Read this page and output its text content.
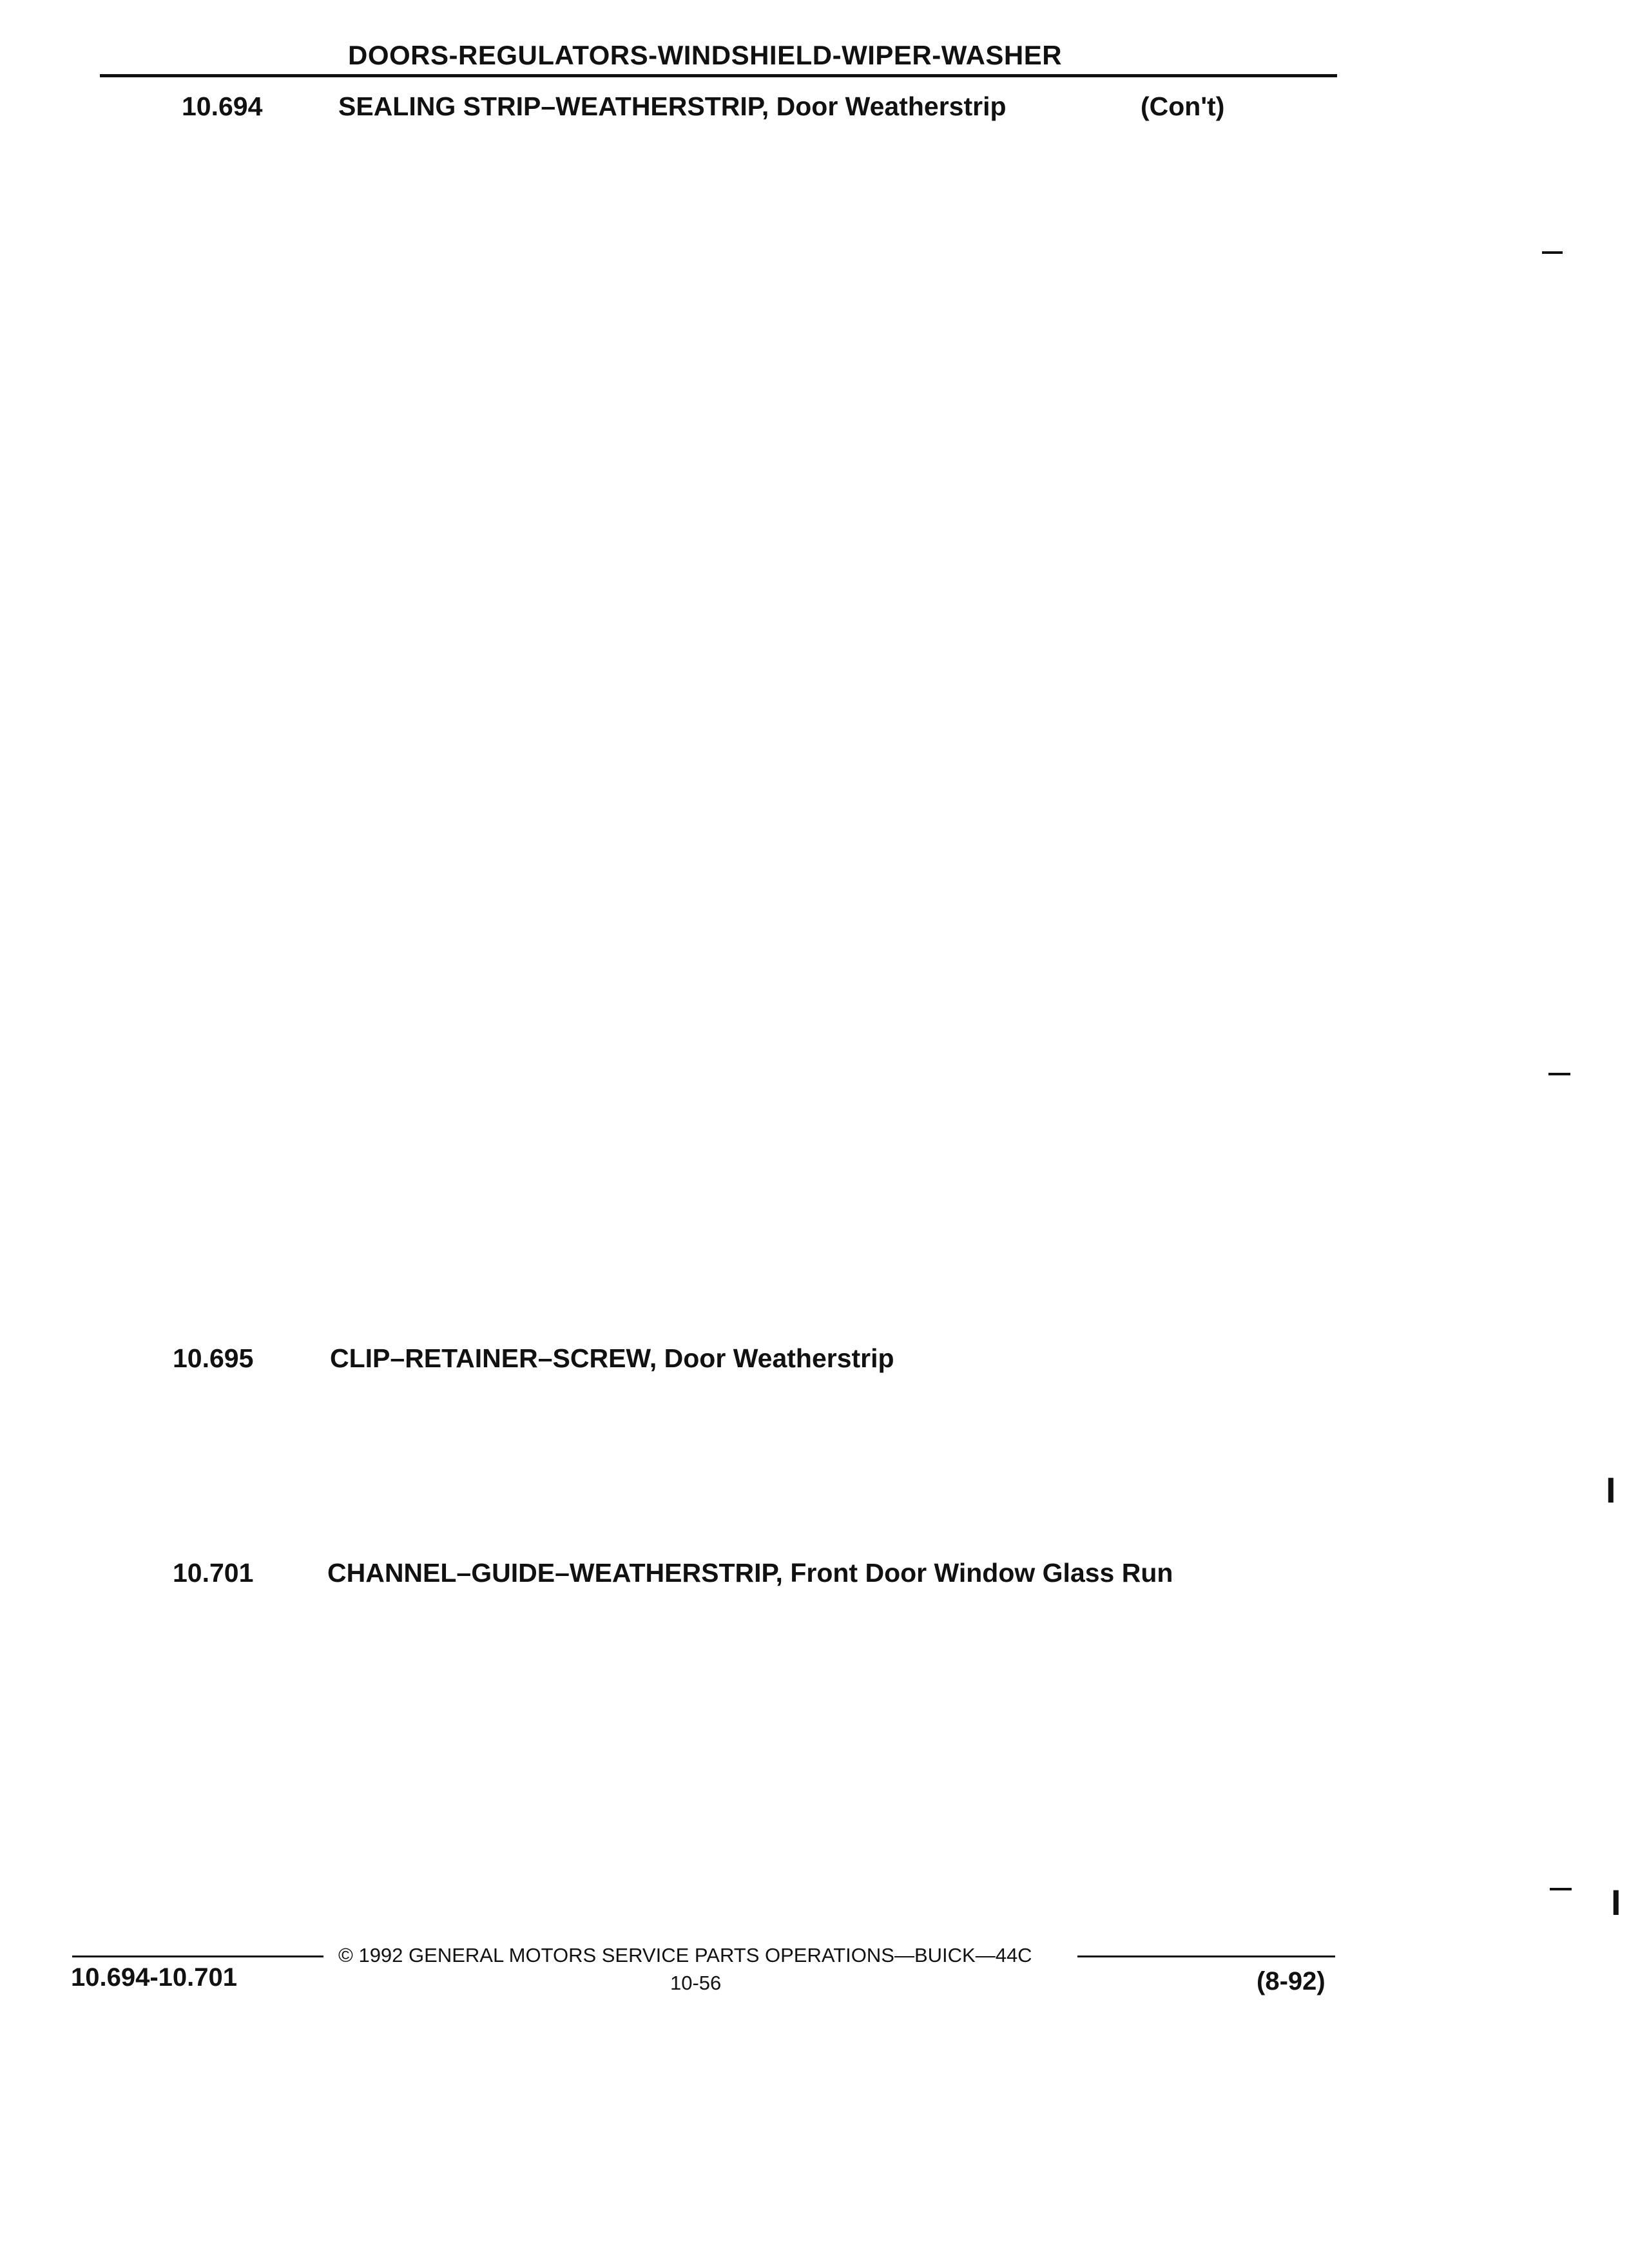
DOORS-REGULATORS-WINDSHIELD-WIPER-WASHER
10.694	SEALING STRIP–WEATHERSTRIP, Door Weatherstrip	(Con't)
10.695	CLIP–RETAINER–SCREW, Door Weatherstrip
10.701	CHANNEL–GUIDE–WEATHERSTRIP, Front Door Window Glass Run
© 1992 GENERAL MOTORS SERVICE PARTS OPERATIONS—BUICK—44C
10.694-10.701	10-56	(8-92)
I
I
